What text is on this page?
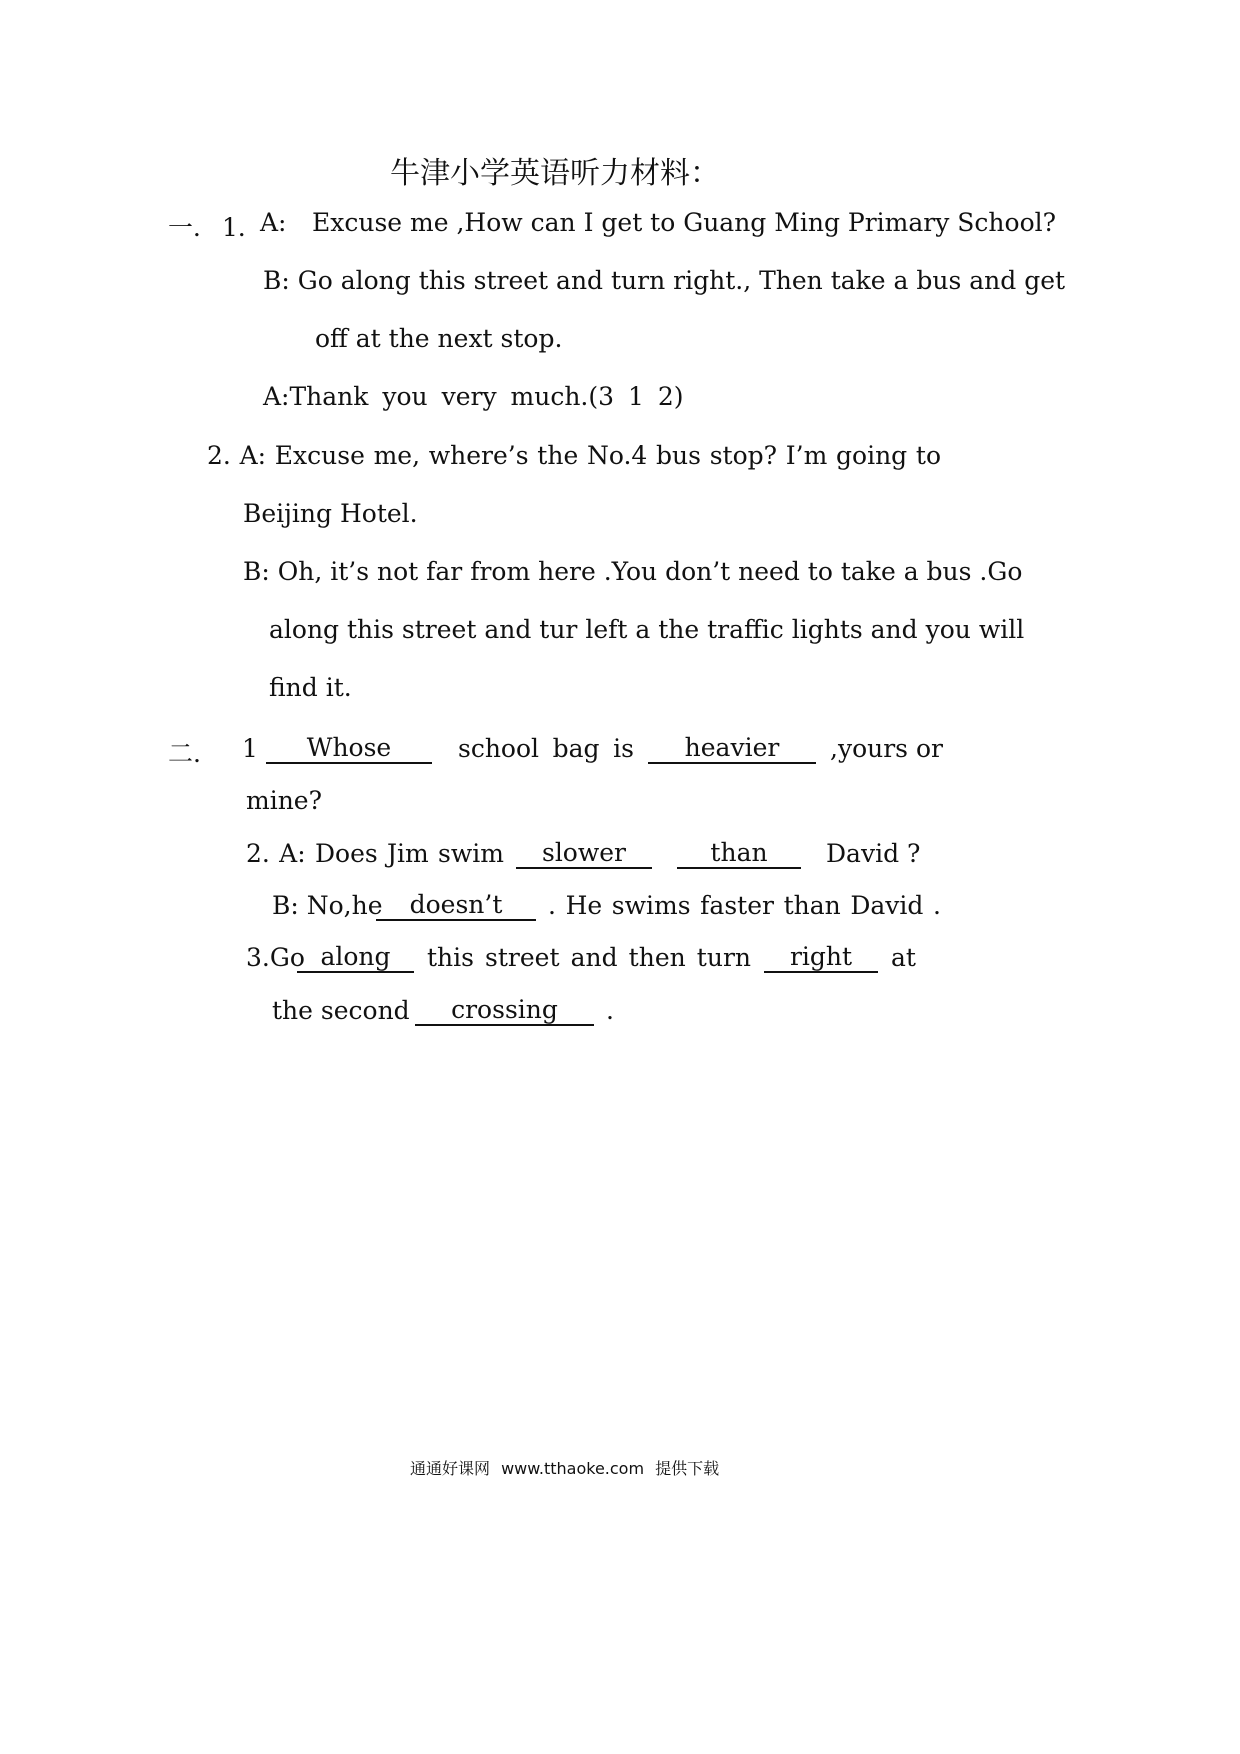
牛津小学英语听力材料：
一． 1．
A: Excuse me ,How can I get to Guang Ming Primary School?
B: Go along this street and turn right., Then take a bus and get
off at the next stop.
A:Thank you very much.(3 1 2)
2. A: Excuse me, where’s the No.4 bus stop? I’m going to
Beijing Hotel.
B: Oh, it’s not far from here .You don’t need to take a bus .Go
along this street and tur left a the traffic lights and you will
find it.
二. 1	Whose	school bag is	heavier	,yours or
mine?
2. A: Does Jim swim	slower	than	David ?
B: No,he	doesn’t	. He swims faster than David .
3.Go along	this street and then turn	right	at
the second	crossing	.
通通好课网 www.tthaoke.com 提供下载
